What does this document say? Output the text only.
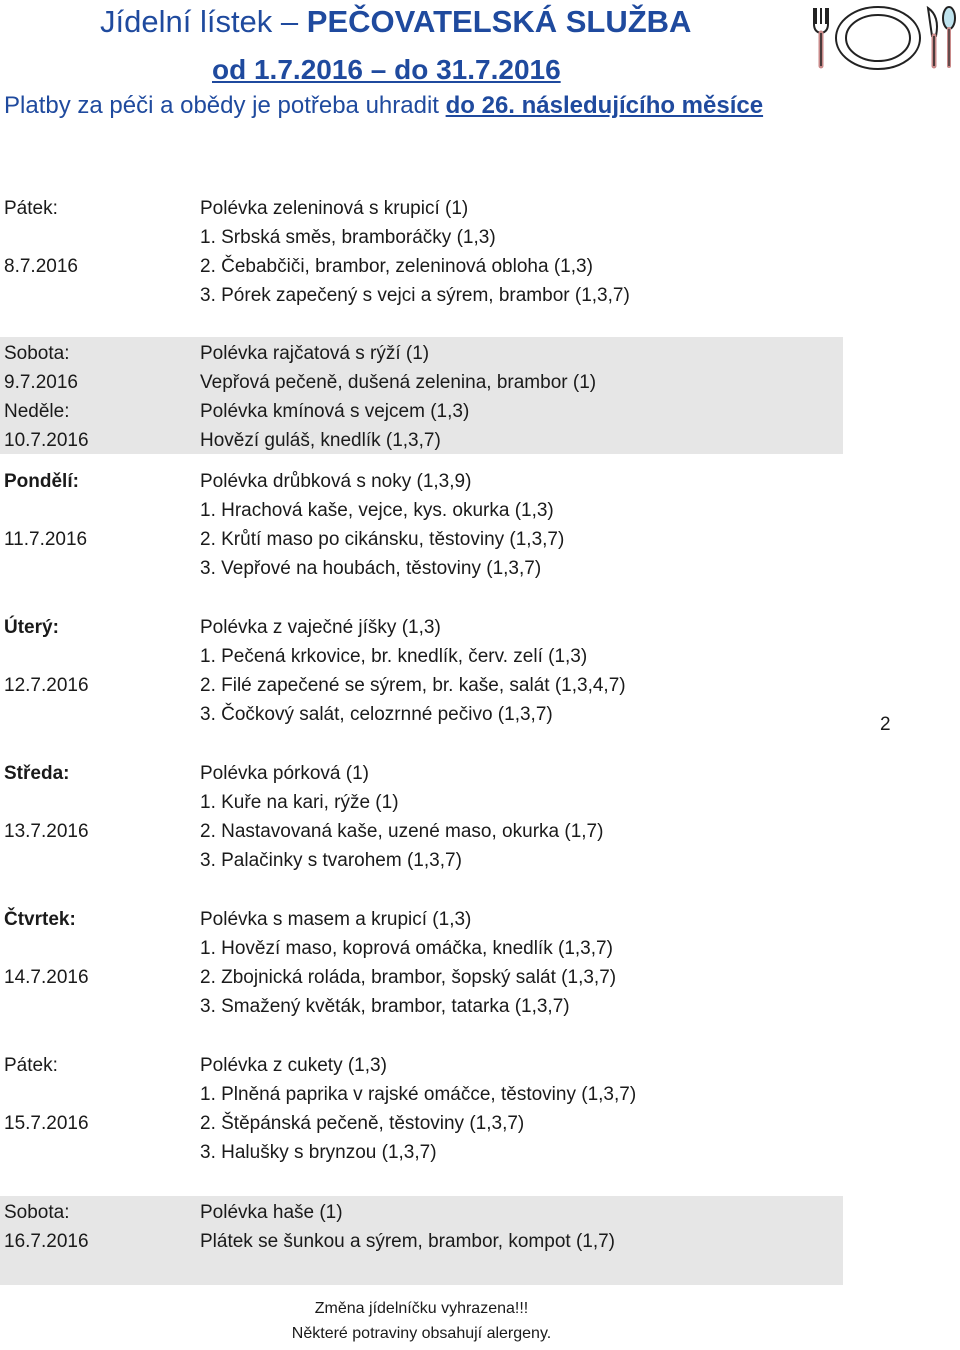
Jídelní lístek – PEČOVATELSKÁ SLUŽBA
od 1.7.2016 – do 31.7.2016
Platby za péči a obědy je potřeba uhradit do 26. následujícího měsíce
Pátek:	Polévka zeleninová s krupicí (1)
1. Srbská směs, bramboráčky (1,3)
8.7.2016	2. Čebabčiči, brambor, zeleninová obloha (1,3)
3. Pórek zapečený s vejci a sýrem, brambor (1,3,7)
Sobota:	Polévka rajčatová s rýží (1)
9.7.2016	Vepřová pečeně, dušená zelenina, brambor (1)
Neděle:	Polévka kmínová s vejcem (1,3)
10.7.2016	Hovězí guláš, knedlík (1,3,7)
Pondělí:	Polévka drůbková s noky (1,3,9)
1. Hrachová kaše, vejce, kys. okurka (1,3)
11.7.2016	2. Krůtí maso po cikánsku, těstoviny (1,3,7)
3. Vepřové na houbách, těstoviny (1,3,7)
Úterý:	Polévka z vaječné jíšky (1,3)
1. Pečená krkovice, br. knedlík, červ. zelí (1,3)
12.7.2016	2. Filé zapečené se sýrem, br. kaše, salát (1,3,4,7)
3. Čočkový salát, celozrnné pečivo (1,3,7)
Středa:	Polévka pórková (1)
1. Kuře na kari, rýže (1)
13.7.2016	2. Nastavovaná kaše, uzené maso, okurka (1,7)
3. Palačinky s tvarohem (1,3,7)
Čtvrtek:	Polévka s masem a krupicí (1,3)
1. Hovězí maso, koprová omáčka, knedlík (1,3,7)
14.7.2016	2. Zbojnická roláda, brambor, šopský salát (1,3,7)
3. Smažený květák, brambor, tatarka (1,3,7)
Pátek:	Polévka z cukety (1,3)
1. Plněná paprika v rajské omáčce, těstoviny (1,3,7)
15.7.2016	2. Štěpánská pečeně, těstoviny (1,3,7)
3. Halušky s brynzou (1,3,7)
Sobota:	Polévka haše (1)
16.7.2016	Plátek se šunkou a sýrem, brambor, kompot (1,7)
2
Změna jídelníčku vyhrazena!!!
Některé potraviny obsahují alergeny.
